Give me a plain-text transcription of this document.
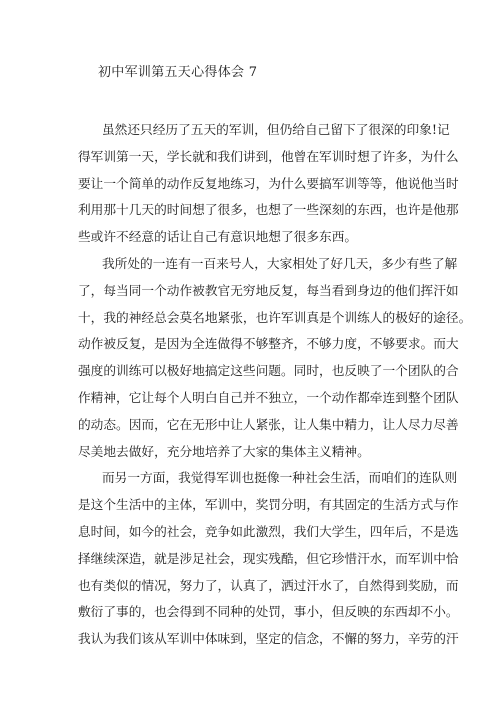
初中军训第五天心得体会 7
虽然还只经历了五天的军训，但仍给自己留下了很深的印象!记
得军训第一天，学长就和我们讲到，他曾在军训时想了许多，为什么
要让一个简单的动作反复地练习，为什么要搞军训等等，他说他当时
利用那十几天的时间想了很多，也想了一些深刻的东西，也许是他那
些或许不经意的话让自己有意识地想了很多东西。
我所处的一连有一百来号人，大家相处了好几天，多少有些了解
了，每当同一个动作被教官无穷地反复，每当看到身边的他们挥汗如
十，我的神经总会莫名地紧张，也许军训真是个训练人的极好的途径。
动作被反复，是因为全连做得不够整齐，不够力度，不够要求。而大
强度的训练可以极好地搞定这些问题。同时，也反映了一个团队的合
作精神，它让每个人明白自己并不独立，一个动作都牵连到整个团队
的动态。因而，它在无形中让人紧张，让人集中精力，让人尽力尽善
尽美地去做好，充分地培养了大家的集体主义精神。
而另一方面，我觉得军训也挺像一种社会生活，而咱们的连队则
是这个生活中的主体，军训中，奖罚分明，有其固定的生活方式与作
息时间，如今的社会，竞争如此激烈，我们大学生，四年后，不是选
择继续深造，就是涉足社会，现实残酷，但它珍惜汗水，而军训中恰
也有类似的情况，努力了，认真了，洒过汗水了，自然得到奖励，而
敷衍了事的，也会得到不同种的处罚，事小，但反映的东西却不小。
我认为我们该从军训中体味到，坚定的信念，不懈的努力，辛劳的汗
